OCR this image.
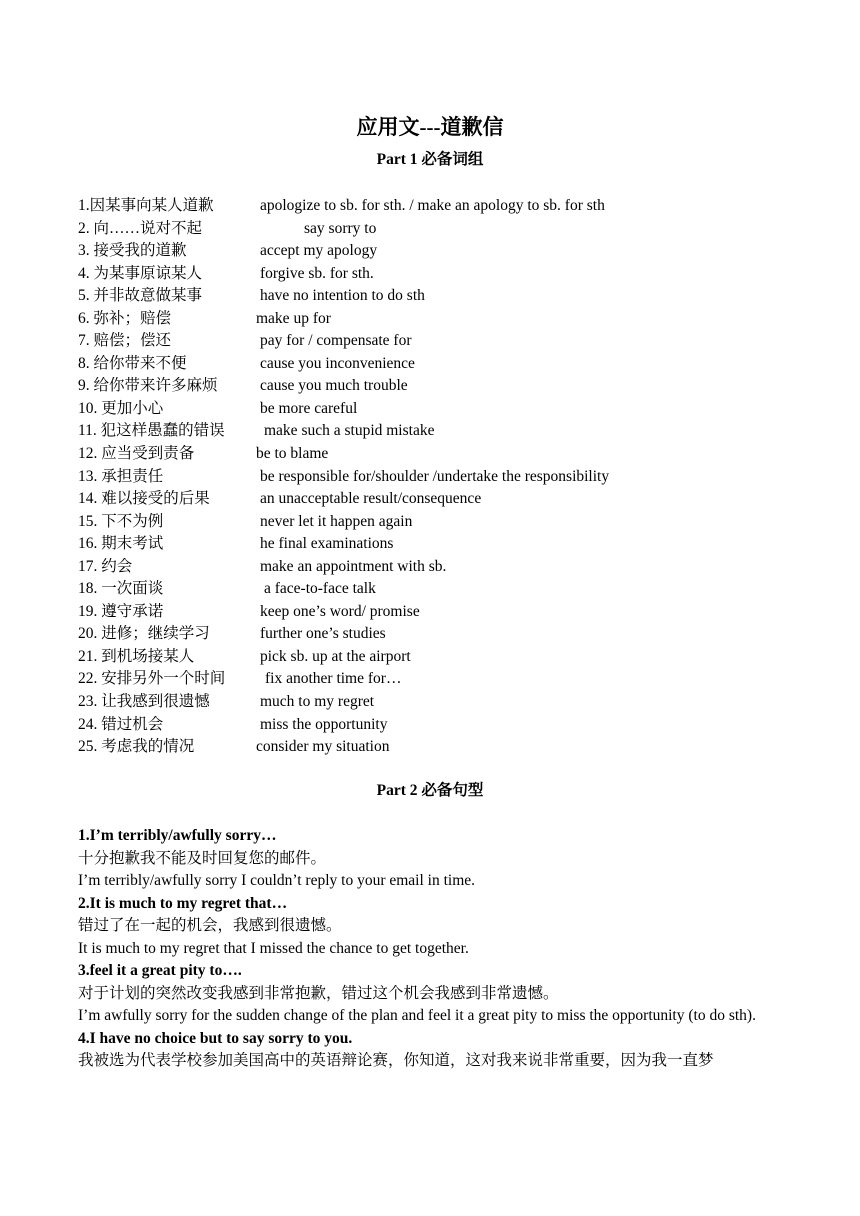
应用文---道歉信
Part 1 必备词组
1.因某事向某人道歉	apologize to sb. for sth. / make an apology to sb. for sth
2. 向……说对不起	say sorry to
3. 接受我的道歉	accept my apology
4. 为某事原谅某人	forgive sb. for sth.
5. 并非故意做某事	have no intention to do sth
6. 弥补；赔偿	make up for
7. 赔偿；偿还	pay for / compensate for
8. 给你带来不便	cause you inconvenience
9. 给你带来许多麻烦	cause you much trouble
10. 更加小心	be more careful
11. 犯这样愚蠢的错误	make such a stupid mistake
12. 应当受到责备	be to blame
13. 承担责任	be responsible for/shoulder /undertake the responsibility
14. 难以接受的后果	an unacceptable result/consequence
15. 下不为例	never let it happen again
16. 期末考试	he final examinations
17. 约会	make an appointment with sb.
18. 一次面谈	a face-to-face talk
19. 遵守承诺	keep one’s word/ promise
20. 进修；继续学习	further one’s studies
21. 到机场接某人	pick sb. up at the airport
22. 安排另外一个时间	fix another time for…
23. 让我感到很遗憾	much to my regret
24. 错过机会	miss the opportunity
25. 考虑我的情况	consider my situation
Part 2 必备句型
1.I’m terribly/awfully sorry…
十分抱歉我不能及时回复您的邮件。
I’m terribly/awfully sorry I couldn’t reply to your email in time.
2.It is much to my regret that…
错过了在一起的机会，我感到很遗憾。
It is much to my regret that I missed the chance to get together.
3.feel it a great pity to….
对于计划的突然改变我感到非常抱歉，错过这个机会我感到非常遗憾。
I’m awfully sorry for the sudden change of the plan and feel it a great pity to miss the opportunity (to do sth).
4.I have no choice but to say sorry to you.
我被选为代表学校参加美国高中的英语辩论赛，你知道，这对我来说非常重要，因为我一直梦
